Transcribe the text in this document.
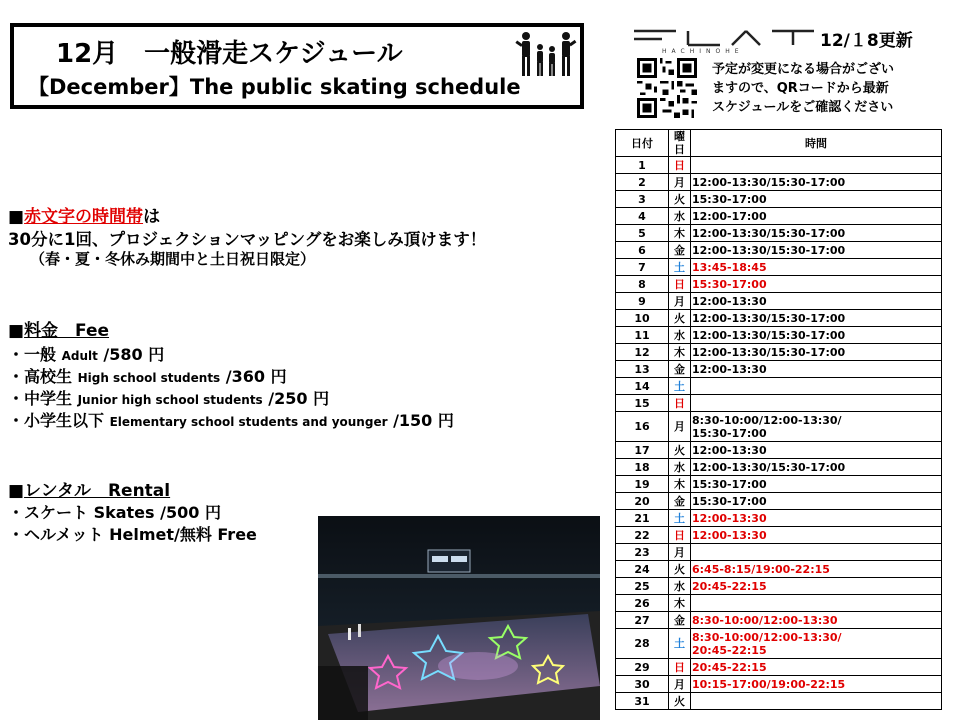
12月　一般滑走スケジュール
【December】The public skating schedule
HACHINOHE
12/１8更新
予定が変更になる場合がござい
ますので、QRコードから最新
スケジュールをご確認ください
■赤文字の時間帯は
30分に1回、プロジェクションマッピングをお楽しみ頂けます！
（春・夏・冬休み期間中と土日祝日限定）
■料金　Fee
・一般 Adult /580 円
・高校生 High school students /360 円
・中学生 Junior high school students /250 円
・小学生以下 Elementary school students and younger /150 円
■レンタル　Rental
・スケート Skates /500 円
・ヘルメット Helmet/無料 Free
日付	曜日	時間
1	日	
2	月	12:00-13:30/15:30-17:00
3	火	15:30-17:00
4	水	12:00-17:00
5	木	12:00-13:30/15:30-17:00
6	金	12:00-13:30/15:30-17:00
7	土	13:45-18:45
8	日	15:30-17:00
9	月	12:00-13:30
10	火	12:00-13:30/15:30-17:00
11	水	12:00-13:30/15:30-17:00
12	木	12:00-13:30/15:30-17:00
13	金	12:00-13:30
14	土	
15	日	
16	月	8:30-10:00/12:00-13:30/
15:30-17:00
17	火	12:00-13:30
18	水	12:00-13:30/15:30-17:00
19	木	15:30-17:00
20	金	15:30-17:00
21	土	12:00-13:30
22	日	12:00-13:30
23	月	
24	火	6:45-8:15/19:00-22:15
25	水	20:45-22:15
26	木	
27	金	8:30-10:00/12:00-13:30
28	土	8:30-10:00/12:00-13:30/
20:45-22:15
29	日	20:45-22:15
30	月	10:15-17:00/19:00-22:15
31	火	
